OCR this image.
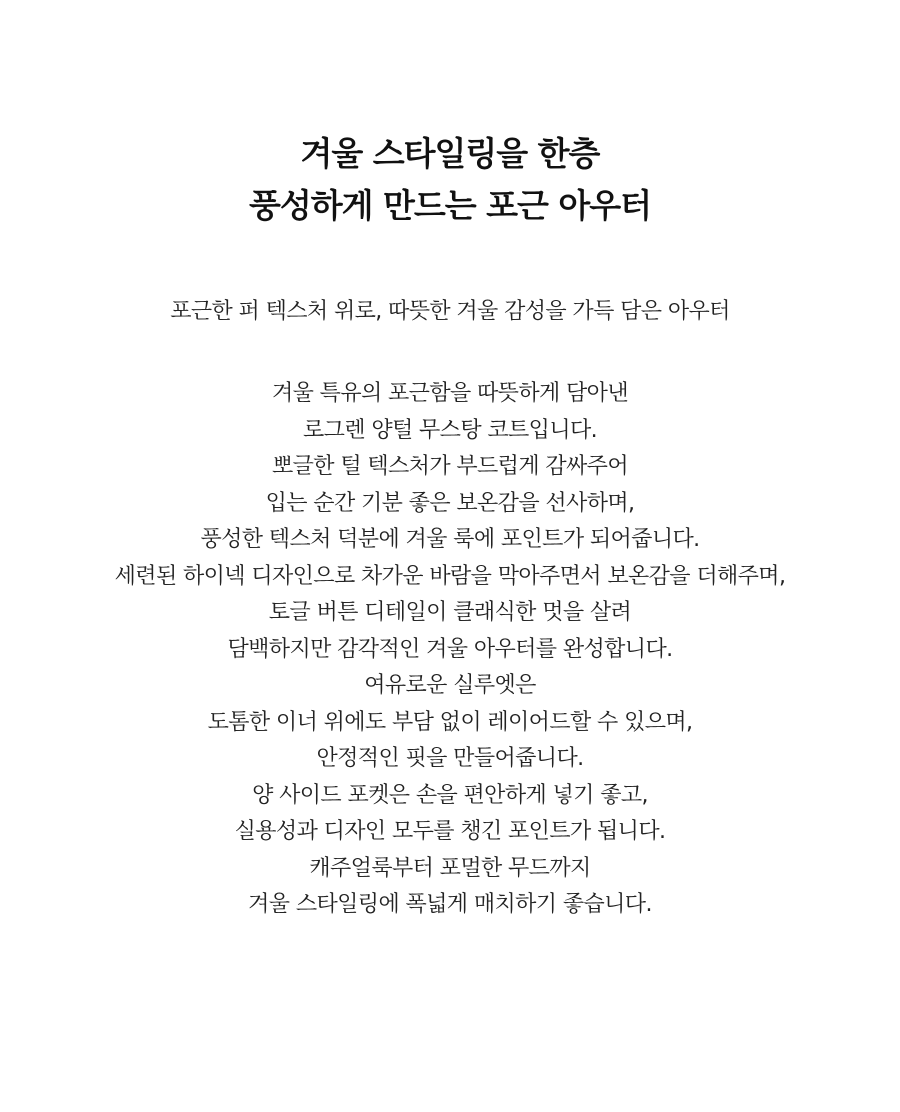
겨울 스타일링을 한층
풍성하게 만드는 포근 아우터

포근한 퍼 텍스처 위로, 따뜻한 겨울 감성을 가득 담은 아우터

겨울 특유의 포근함을 따뜻하게 담아낸
로그렌 양털 무스탕 코트입니다.
뽀글한 털 텍스처가 부드럽게 감싸주어
입는 순간 기분 좋은 보온감을 선사하며,
풍성한 텍스처 덕분에 겨울 룩에 포인트가 되어줍니다.
세련된 하이넥 디자인으로 차가운 바람을 막아주면서 보온감을 더해주며,
토글 버튼 디테일이 클래식한 멋을 살려
담백하지만 감각적인 겨울 아우터를 완성합니다.
여유로운 실루엣은
도톰한 이너 위에도 부담 없이 레이어드할 수 있으며,
안정적인 핏을 만들어줍니다.
양 사이드 포켓은 손을 편안하게 넣기 좋고,
실용성과 디자인 모두를 챙긴 포인트가 됩니다.
캐주얼룩부터 포멀한 무드까지
겨울 스타일링에 폭넓게 매치하기 좋습니다.
